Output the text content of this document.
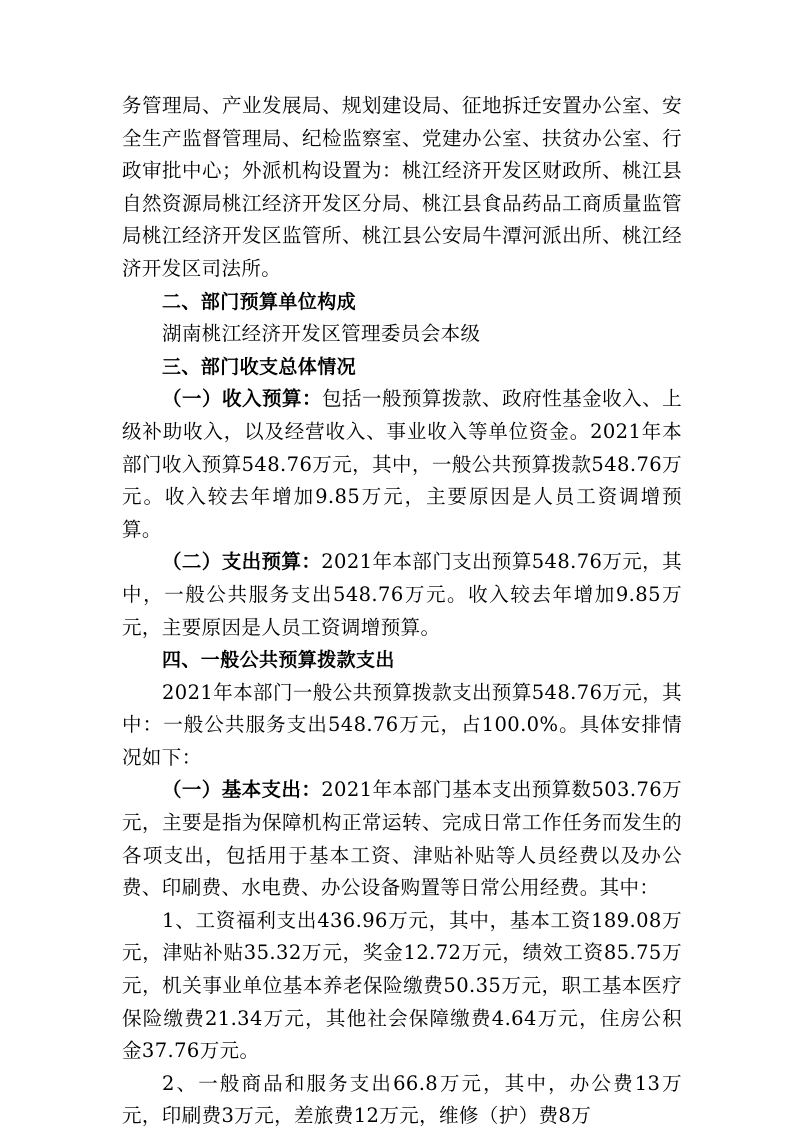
务管理局、产业发展局、规划建设局、征地拆迁安置办公室、安全生产监督管理局、纪检监察室、党建办公室、扶贫办公室、行政审批中心；外派机构设置为：桃江经济开发区财政所、桃江县自然资源局桃江经济开发区分局、桃江县食品药品工商质量监管局桃江经济开发区监管所、桃江县公安局牛潭河派出所、桃江经济开发区司法所。

二、部门预算单位构成

湖南桃江经济开发区管理委员会本级

三、部门收支总体情况

（一）收入预算：包括一般预算拨款、政府性基金收入、上级补助收入，以及经营收入、事业收入等单位资金。2021年本部门收入预算548.76万元，其中，一般公共预算拨款548.76万元。收入较去年增加9.85万元，主要原因是人员工资调增预算。

（二）支出预算：2021年本部门支出预算548.76万元，其中，一般公共服务支出548.76万元。收入较去年增加9.85万元，主要原因是人员工资调增预算。

四、一般公共预算拨款支出

2021年本部门一般公共预算拨款支出预算548.76万元，其中：一般公共服务支出548.76万元，占100.0%。具体安排情况如下：

（一）基本支出：2021年本部门基本支出预算数503.76万元，主要是指为保障机构正常运转、完成日常工作任务而发生的各项支出，包括用于基本工资、津贴补贴等人员经费以及办公费、印刷费、水电费、办公设备购置等日常公用经费。其中：

1、工资福利支出436.96万元，其中，基本工资189.08万元，津贴补贴35.32万元，奖金12.72万元，绩效工资85.75万元，机关事业单位基本养老保险缴费50.35万元，职工基本医疗保险缴费21.34万元，其他社会保障缴费4.64万元，住房公积金37.76万元。

2、一般商品和服务支出66.8万元，其中，办公费13万元，印刷费3万元，差旅费12万元，维修（护）费8万
